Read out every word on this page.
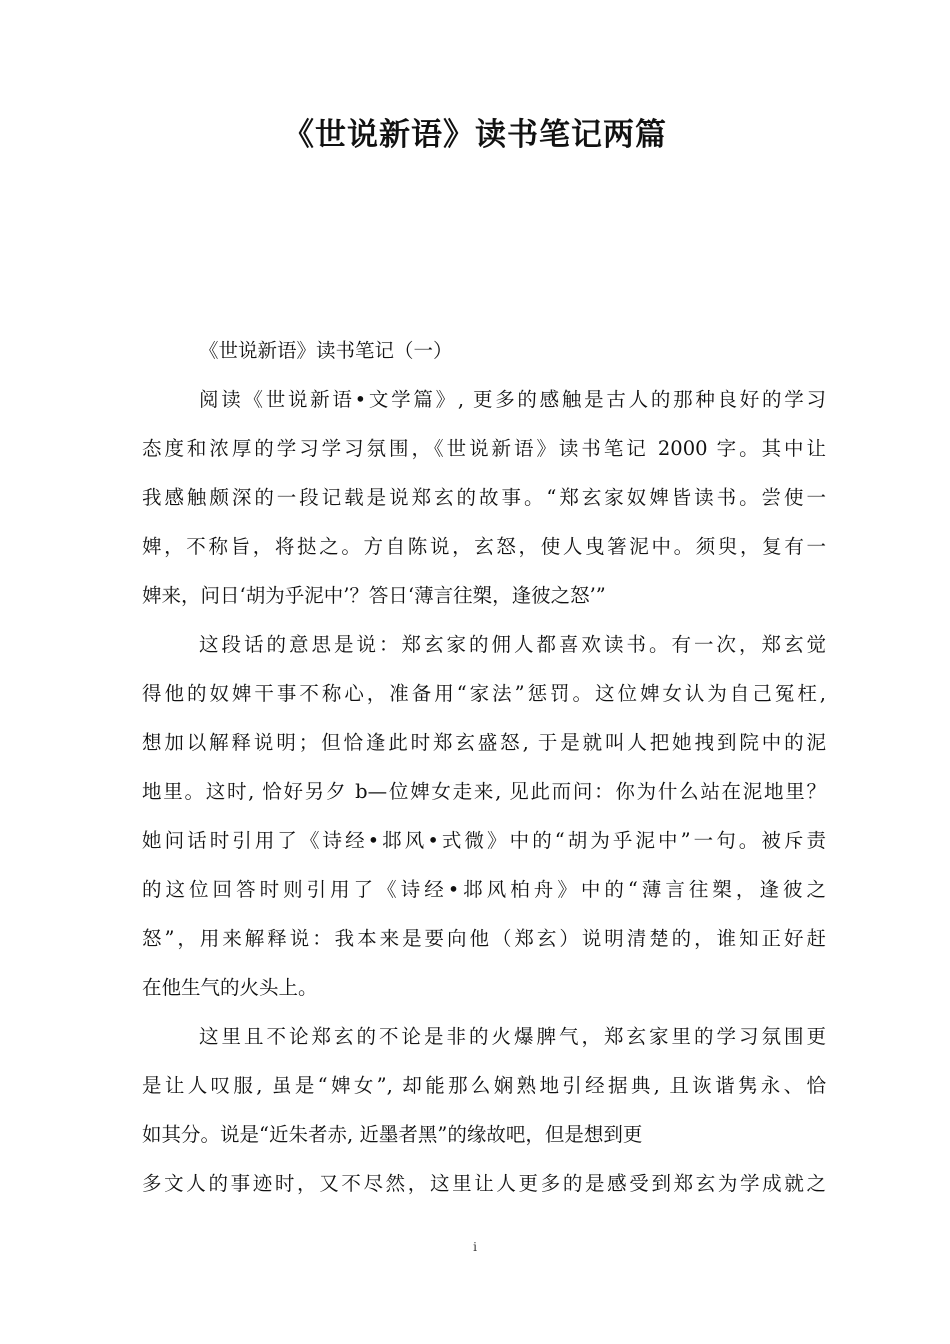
《世说新语》读书笔记两篇
《世说新语》读书笔记（一）
阅读《世说新语•文学篇》, 更多的感触是古人的那种良好的学习
态度和浓厚的学习学习氛围，《世说新语》读书笔记 2000 字。其中让
我感触颇深的一段记载是说郑玄的故事。“郑玄家奴婢皆读书。尝使一
婢，不称旨，将挞之。方自陈说，玄怒，使人曳箸泥中。须臾，复有一
婢来，问日‘胡为乎泥中’？答日‘薄言往槊，逢彼之怒’”
这段话的意思是说：郑玄家的佣人都喜欢读书。有一次，郑玄觉
得他的奴婢干事不称心，准备用“家法”惩罚。这位婢女认为自己冤枉,
想加以解释说明；但恰逢此时郑玄盛怒, 于是就叫人把她拽到院中的泥
地里。这时, 恰好另夕 b—位婢女走来, 见此而问：你为什么站在泥地里？
她问话时引用了《诗经•邶风•式微》中的“胡为乎泥中”一句。被斥责
的这位回答时则引用了《诗经•邶风柏舟》中的“薄言往槊，逢彼之
怒”，用来解释说：我本来是要向他（郑玄）说明清楚的，谁知正好赶
在他生气的火头上。
这里且不论郑玄的不论是非的火爆脾气，郑玄家里的学习氛围更
是让人叹服, 虽是“婢女”, 却能那么娴熟地引经据典, 且诙谐隽永、恰
如其分。说是“近朱者赤, 近墨者黑”的缘故吧，但是想到更
多文人的事迹时，又不尽然，这里让人更多的是感受到郑玄为学成就之
i
